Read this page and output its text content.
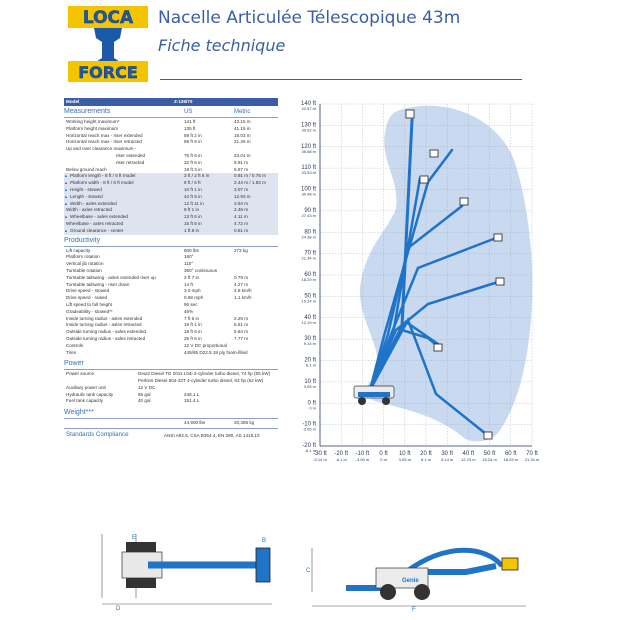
LOCA
FORCE
Nacelle Articulée Télescopique 43m
Fiche technique
Model	Z-135/70
Measurements	US	Metric
Working height maximum*	141 ft	43.15 m
Platform height maximum	135 ft	41.15 m
Horizontal reach max - riser extended	59 ft 2 in	18.03 m
Horizontal reach max - riser retracted	69 ft 9 in	21.26 m
Up and over clearance maximum -
riser extended	75 ft 6 in	23.01 m
riser retracted	32 ft 6 in	9.91 m
Below ground reach	19 ft 3 in	5.87 m
Platform length - 8 ft / 6 ft model	3 ft / 2 ft 6 in	0.91 m / 0.76 m
▲
Platform width - 8 ft / 6 ft model	8 ft / 6 ft	2.44 m / 1.83 m
▲
Height - stowed	10 ft 1 in	3.07 m
▲
Length - stowed	42 ft 5 in	12.93 m
▲
Width - axles extended	12 ft 11 in	3.94 m
▲
Width - axles retracted	8 ft 1 in	2.46 m
Wheelbase - axles extended	13 ft 6 in	4.11 m
▲
Wheelbase - axles retracted	15 ft 6 in	4.72 m
Ground clearance - center	1 ft 8 in	0.51 m
▲
Productivity
Lift capacity	600 lbs	272 kg
Platform rotation	160°
Vertical jib rotation	110°
Turntable rotation	360° continuous
Turntable tailswing - axles extended riser up	2 ft 7 in	0.79 m
Turntable tailswing - riser down	14 ft	4.27 m
Drive speed - stowed	3.0 mph	4.8 km/h
Drive speed - raised	0.68 mph	1.1 km/h
Lift speed to full height	96 sec
Gradeability - stowed**	45%
Inside turning radius - axles extended	7 ft 6 in	2.29 m
Inside turning radius - axles retracted	18 ft 1 in	5.51 m
Outside turning radius - axles extended	18 ft 6 in	5.64 m
Outside turning radius - axles retracted	25 ft 6 in	7.77 m
Controls	12 V DC proportional
Tires	445/65 D22.5 18 ply foam-filled
Power
Power source	Deutz Diesel TD 2011 L04i 4-cylinder turbo diesel, 74 hp (55 kW)
Perkins Diesel 804-33T 4-cylinder turbo diesel, 83 hp (62 kW)
Auxiliary power unit	12 V DC
Hydraulic tank capacity	65 gal	246.1 L
Fuel tank capacity	40 gal	151.4 L
Weight***
44,900 lbs	20,366 kg
Standards Compliance	ANSI A92.5, CSA B354.4, EN 280, AS 1418.10
140 ft
42.67 m
130 ft
39.62 m
120 ft
36.58 m
110 ft
33.53 m
100 ft
30.48 m
90 ft
27.43 m
80 ft
24.38 m
70 ft
21.34 m
60 ft
18.29 m
50 ft
15.24 m
40 ft
12.19 m
30 ft
9.14 m
20 ft
6.1 m
10 ft
3.05 m
0 ft
0 m
-10 ft
-3.05 m
-20 ft
-6.1 m
-30 ft
-9.14 m
-20 ft
-6.1 m
-10 ft
-3.05 m
0 ft
0 m
10 ft
3.05 m
20 ft
6.1 m
30 ft
9.14 m
40 ft
12.19 m
50 ft
15.24 m
60 ft
18.29 m
70 ft
21.34 m
E
D
B
Genie
F
C
